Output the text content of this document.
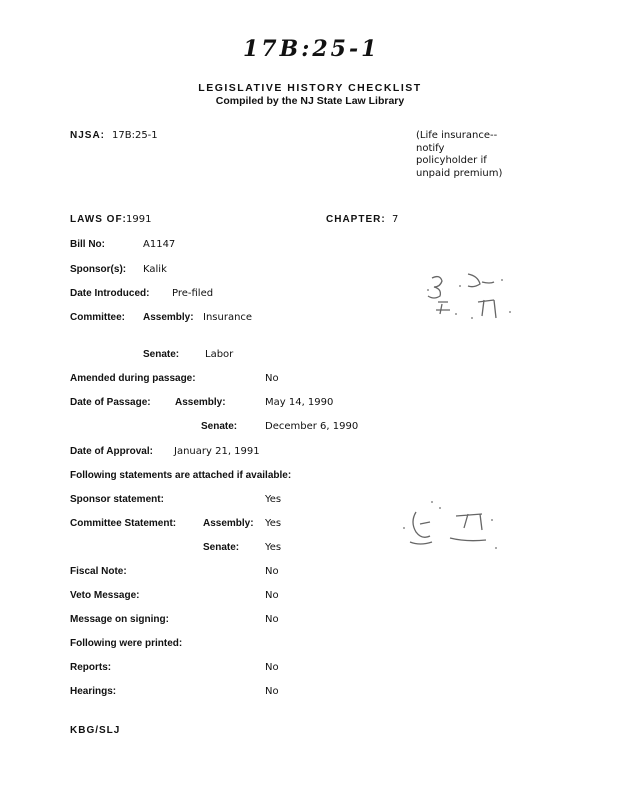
17B:25-1
LEGISLATIVE HISTORY CHECKLIST
Compiled by the NJ State Law Library
NJSA: 17B:25-1	(Life insurance--
notify
policyholder if
unpaid premium)
LAWS OF: 1991	CHAPTER: 7
Bill No:	A1147
Sponsor(s): Kalik
Date Introduced: Pre-filed
Committee: Assembly: Insurance
Senate:	Labor
Amended during passage:	No
Date of Passage: Assembly:	May 14, 1990
Senate:	December 6, 1990
Date of Approval: January 21, 1991
Following statements are attached if available:
Sponsor statement:	Yes
Committee Statement:	Assembly: Yes
Senate:	Yes
Fiscal Note:	No
Veto Message:	No
Message on signing:	No
Following were printed:
Reports:	No
Hearings:	No
KBG/SLJ
